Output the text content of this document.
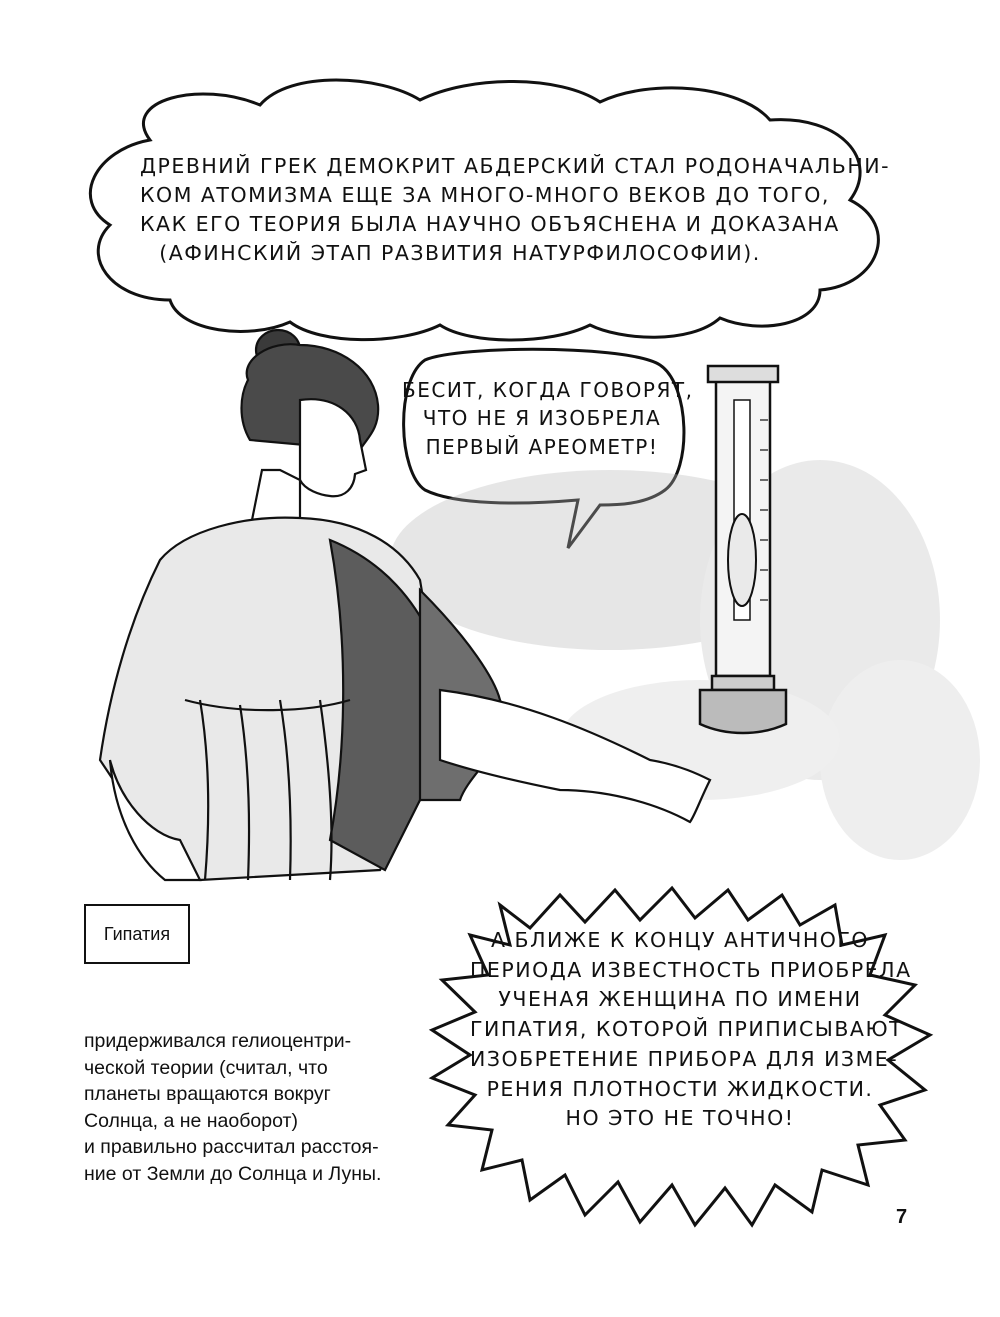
ДРЕВНИЙ ГРЕК ДЕМОКРИТ АБДЕРСКИЙ СТАЛ РОДОНАЧАЛЬНИ-
КОМ АТОМИЗМА ЕЩЕ ЗА МНОГО-МНОГО ВЕКОВ ДО ТОГО,
КАК ЕГО ТЕОРИЯ БЫЛА НАУЧНО ОБЪЯСНЕНА И ДОКАЗАНА
(АФИНСКИЙ ЭТАП РАЗВИТИЯ НАТУРФИЛОСОФИИ).
БЕСИТ, КОГДА ГОВОРЯТ,
ЧТО НЕ Я ИЗОБРЕЛА
ПЕРВЫЙ АРЕОМЕТР!
А БЛИЖЕ К КОНЦУ АНТИЧНОГО
ПЕРИОДА ИЗВЕСТНОСТЬ ПРИОБРЕЛА
УЧЕНАЯ ЖЕНЩИНА ПО ИМЕНИ
ГИПАТИЯ, КОТОРОЙ ПРИПИСЫВАЮТ
ИЗОБРЕТЕНИЕ ПРИБОРА ДЛЯ ИЗМЕ-
РЕНИЯ ПЛОТНОСТИ ЖИДКОСТИ.
НО ЭТО НЕ ТОЧНО!
Гипатия
придерживался гелиоцентри-
ческой теории (считал, что
планеты вращаются вокруг
Солнца, а не наоборот)
и правильно рассчитал расстоя-
ние от Земли до Солнца и Луны.
7
